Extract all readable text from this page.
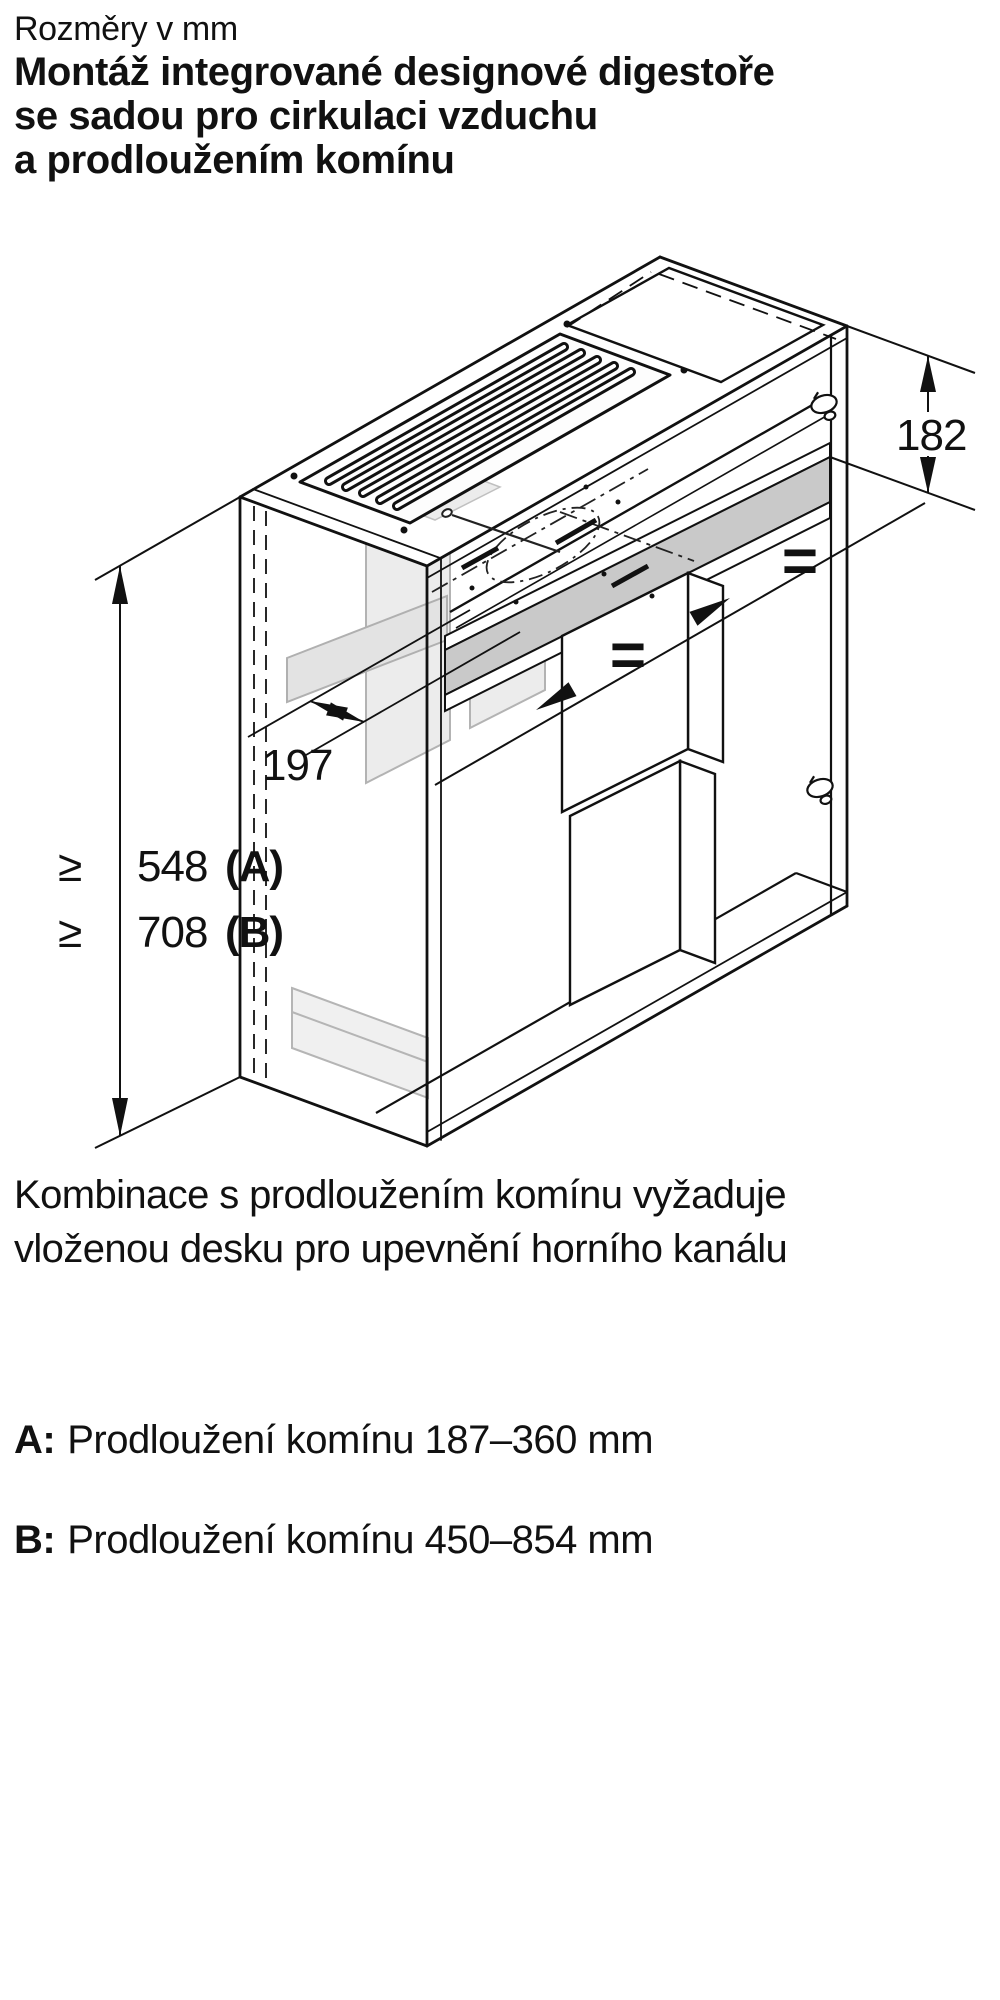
Rozměry v mm
Montáž integrované designové digestoře
se sadou pro cirkulaci vzduchu
a prodloužením komínu
≥ 548 (A)
≥ 708 (B)
182
=
=
197
Kombinace s prodloužením komínu vyžaduje
vloženou desku pro upevnění horního kanálu
A: Prodloužení komínu 187–360 mm
B: Prodloužení komínu 450–854 mm
